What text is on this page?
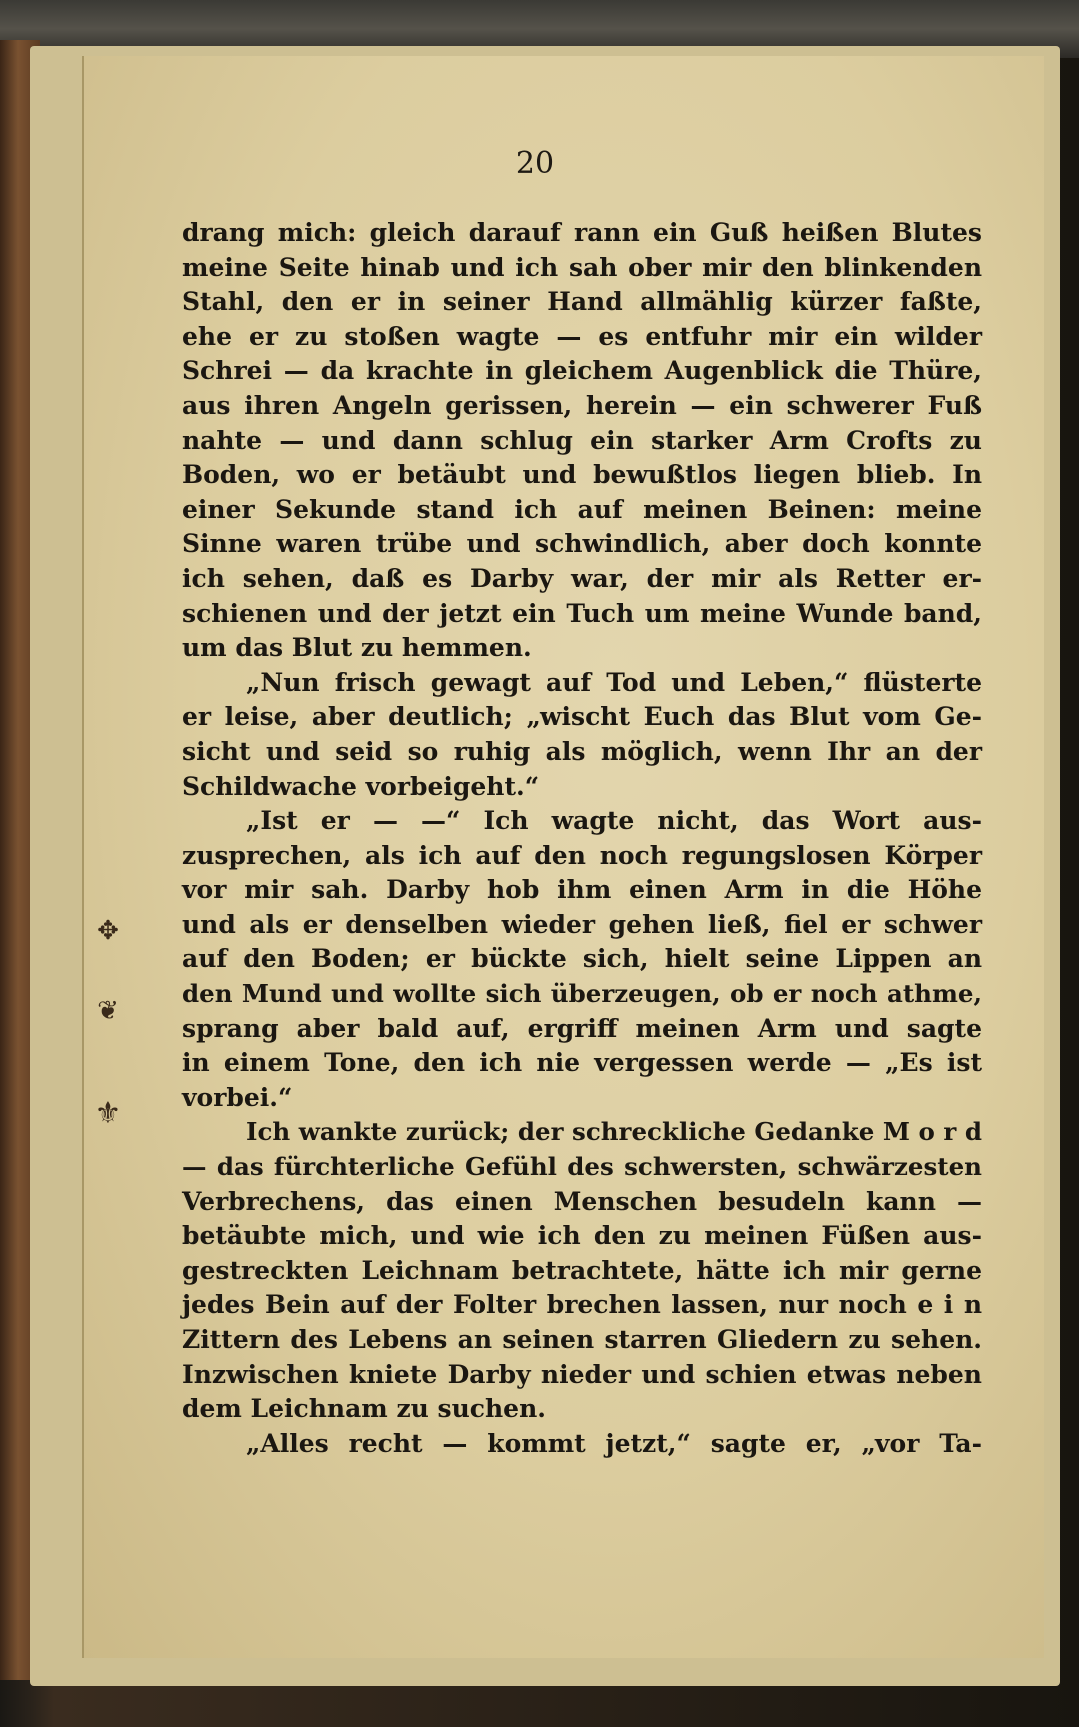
✥
❦
⚜
20
drang mich: gleich darauf rann ein Guß heißen Blutes
meine Seite hinab und ich sah ober mir den blinkenden
Stahl, den er in seiner Hand allmählig kürzer faßte,
ehe er zu stoßen wagte — es entfuhr mir ein wilder
Schrei — da krachte in gleichem Augenblick die Thüre,
aus ihren Angeln gerissen, herein — ein schwerer Fuß
nahte — und dann schlug ein starker Arm Crofts zu
Boden, wo er betäubt und bewußtlos liegen blieb. In
einer Sekunde stand ich auf meinen Beinen: meine
Sinne waren trübe und schwindlich, aber doch konnte
ich sehen, daß es Darby war, der mir als Retter er-
schienen und der jetzt ein Tuch um meine Wunde band,
um das Blut zu hemmen.
„Nun frisch gewagt auf Tod und Leben,“ flüsterte
er leise, aber deutlich; „wischt Euch das Blut vom Ge-
sicht und seid so ruhig als möglich, wenn Ihr an der
Schildwache vorbeigeht.“
„Ist er — —“ Ich wagte nicht, das Wort aus-
zusprechen, als ich auf den noch regungslosen Körper
vor mir sah. Darby hob ihm einen Arm in die Höhe
und als er denselben wieder gehen ließ, fiel er schwer
auf den Boden; er bückte sich, hielt seine Lippen an
den Mund und wollte sich überzeugen, ob er noch athme,
sprang aber bald auf, ergriff meinen Arm und sagte
in einem Tone, den ich nie vergessen werde — „Es ist
vorbei.“
Ich wankte zurück; der schreckliche Gedanke M o r d
— das fürchterliche Gefühl des schwersten, schwärzesten
Verbrechens, das einen Menschen besudeln kann —
betäubte mich, und wie ich den zu meinen Füßen aus-
gestreckten Leichnam betrachtete, hätte ich mir gerne
jedes Bein auf der Folter brechen lassen, nur noch e i n
Zittern des Lebens an seinen starren Gliedern zu sehen.
Inzwischen kniete Darby nieder und schien etwas neben
dem Leichnam zu suchen.
„Alles recht — kommt jetzt,“ sagte er, „vor Ta-
